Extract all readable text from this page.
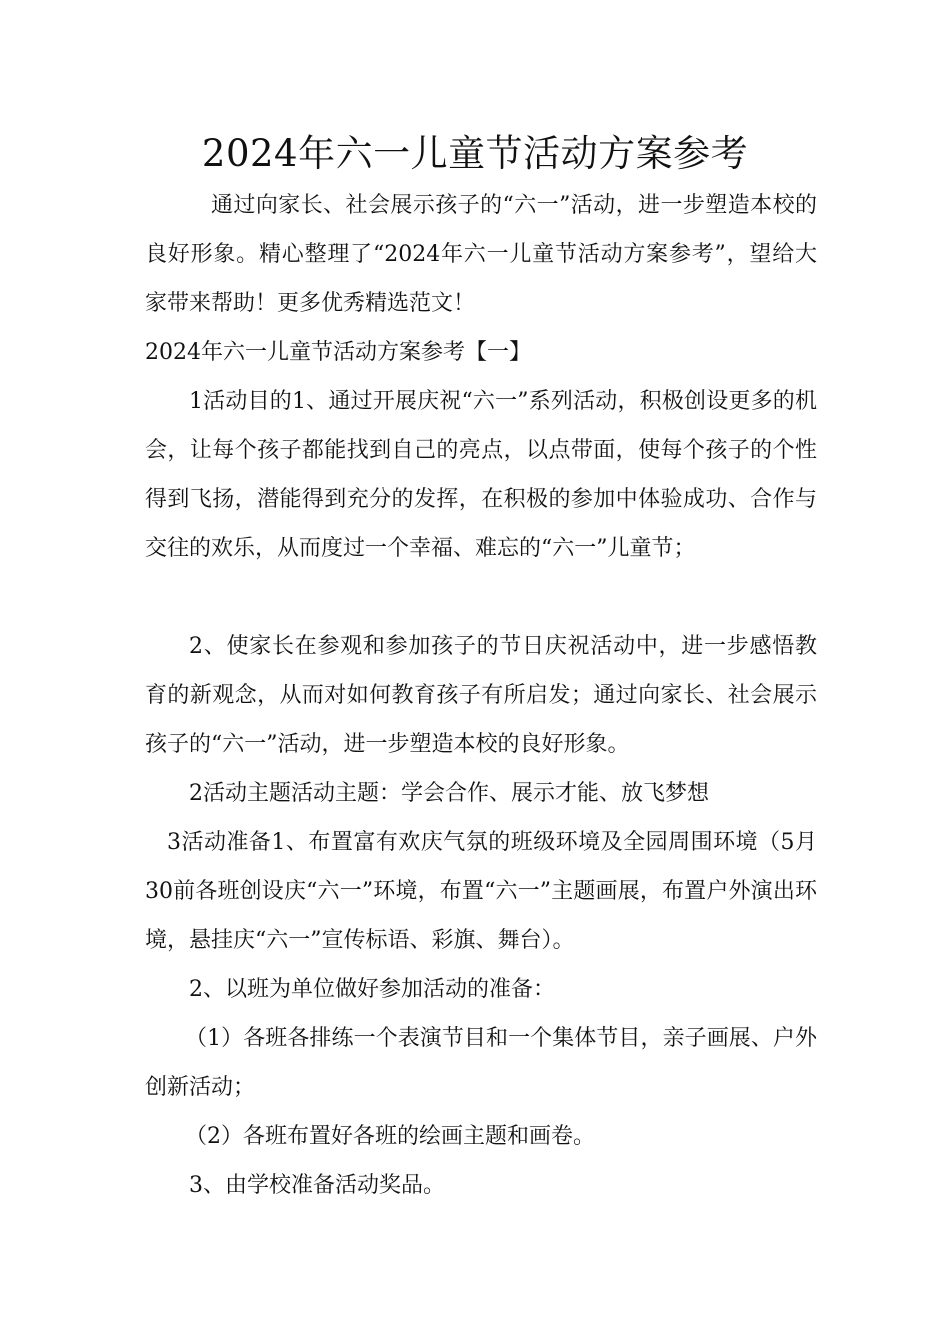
2024年六一儿童节活动方案参考

通过向家长、社会展示孩子的“六一”活动，进一步塑造本校的良好形象。精心整理了“2024年六一儿童节活动方案参考”，望给大家带来帮助！更多优秀精选范文！

2024年六一儿童节活动方案参考【一】

1活动目的1、通过开展庆祝“六一”系列活动，积极创设更多的机会，让每个孩子都能找到自己的亮点，以点带面，使每个孩子的个性得到飞扬，潜能得到充分的发挥，在积极的参加中体验成功、合作与交往的欢乐，从而度过一个幸福、难忘的“六一”儿童节；

2、使家长在参观和参加孩子的节日庆祝活动中，进一步感悟教育的新观念，从而对如何教育孩子有所启发；通过向家长、社会展示孩子的“六一”活动，进一步塑造本校的良好形象。

2活动主题活动主题：学会合作、展示才能、放飞梦想

3活动准备1、布置富有欢庆气氛的班级环境及全园周围环境（5月30前各班创设庆“六一”环境，布置“六一”主题画展，布置户外演出环境，悬挂庆“六一”宣传标语、彩旗、舞台）。

2、以班为单位做好参加活动的准备：

（1）各班各排练一个表演节目和一个集体节目，亲子画展、户外创新活动；

（2）各班布置好各班的绘画主题和画卷。

3、由学校准备活动奖品。
